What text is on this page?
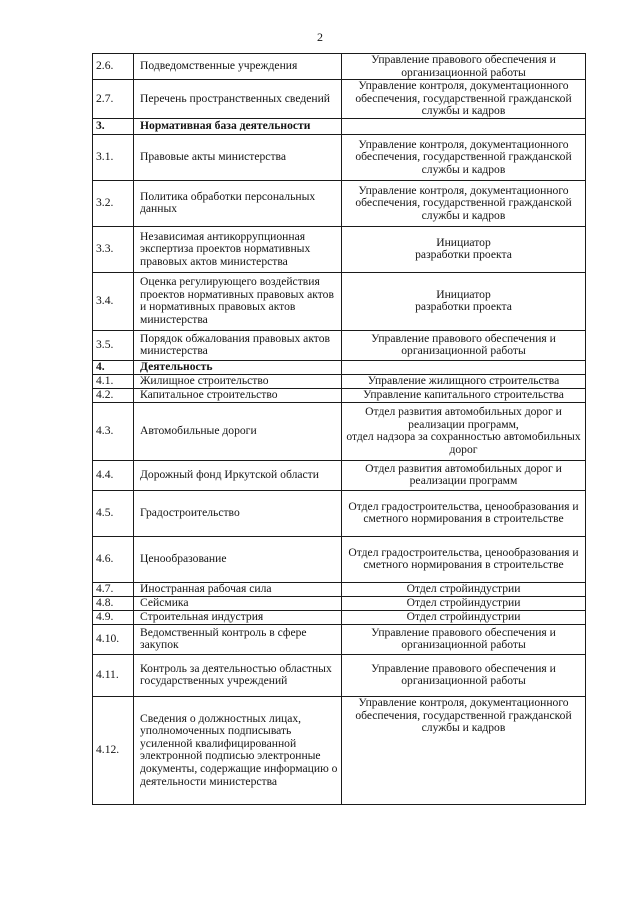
2
2.6.	Подведомственные учреждения	Управление правового обеспечения и организационной работы
2.7.	Перечень пространственных сведений	Управление контроля, документационного обеспечения, государственной гражданской службы и кадров
3.	Нормативная база деятельности	
3.1.	Правовые акты министерства	Управление контроля, документационного обеспечения, государственной гражданской службы и кадров
3.2.	Политика обработки персональных данных	Управление контроля, документационного обеспечения, государственной гражданской службы и кадров
3.3.	Независимая антикоррупционная экспертиза проектов нормативных правовых актов министерства	Инициатор
разработки проекта
3.4.	Оценка регулирующего воздействия проектов нормативных правовых актов и нормативных правовых актов министерства	Инициатор
разработки проекта
3.5.	Порядок обжалования правовых актов министерства	Управление правового обеспечения и организационной работы
4.	Деятельность	
4.1.	Жилищное строительство	Управление жилищного строительства
4.2.	Капитальное строительство	Управление капитального строительства
4.3.	Автомобильные дороги	Отдел развития автомобильных дорог и реализации программ,
отдел надзора за сохранностью автомобильных дорог
4.4.	Дорожный фонд Иркутской области	Отдел развития автомобильных дорог и реализации программ
4.5.	Градостроительство	Отдел градостроительства, ценообразования и сметного нормирования в строительстве
4.6.	Ценообразование	Отдел градостроительства, ценообразования и сметного нормирования в строительстве
4.7.	Иностранная рабочая сила	Отдел стройиндустрии
4.8.	Сейсмика	Отдел стройиндустрии
4.9.	Строительная индустрия	Отдел стройиндустрии
4.10.	Ведомственный контроль в сфере закупок	Управление правового обеспечения и организационной работы
4.11.	Контроль за деятельностью областных государственных учреждений	Управление правового обеспечения и организационной работы
4.12.	Сведения о должностных лицах, уполномоченных подписывать усиленной квалифицированной электронной подписью электронные документы, содержащие информацию о деятельности министерства	Управление контроля, документационного обеспечения, государственной гражданской службы и кадров
